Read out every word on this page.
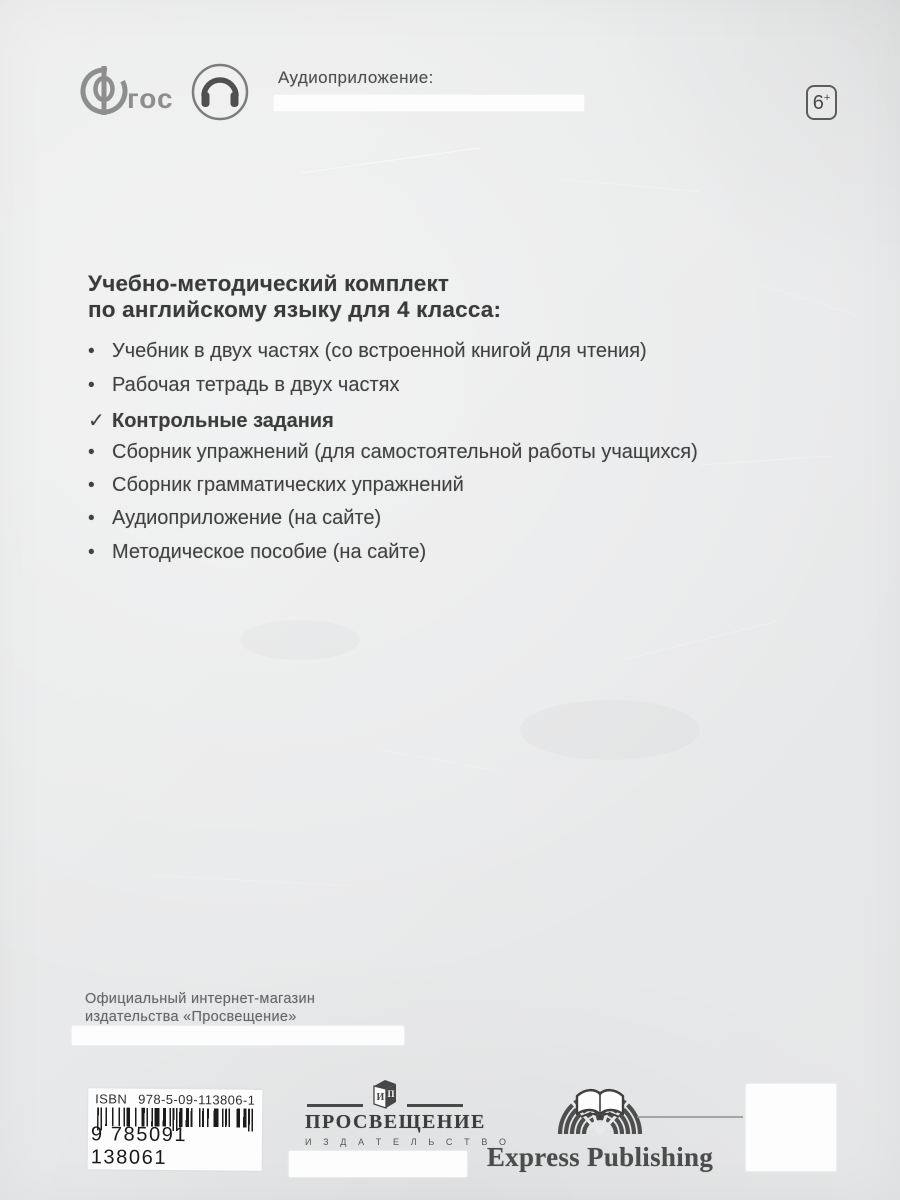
гос
Аудиоприложение:
6 +
Учебно-методический комплект
по английскому языку для 4 класса:
• Учебник в двух частях (со встроенной книгой для чтения)
• Рабочая тетрадь в двух частях
✓ Контрольные задания
• Сборник упражнений (для самостоятельной работы учащихся)
• Сборник грамматических упражнений
• Аудиоприложение (на сайте)
• Методическое пособие (на сайте)
Официальный интернет-магазин
издательства «Просвещение»
ISBN 978-5-09-113806-1
9 785091 138061
И П
ПРОСВЕЩЕНИЕ
И З Д А Т Е Л Ь С Т В О
Express Publishing
